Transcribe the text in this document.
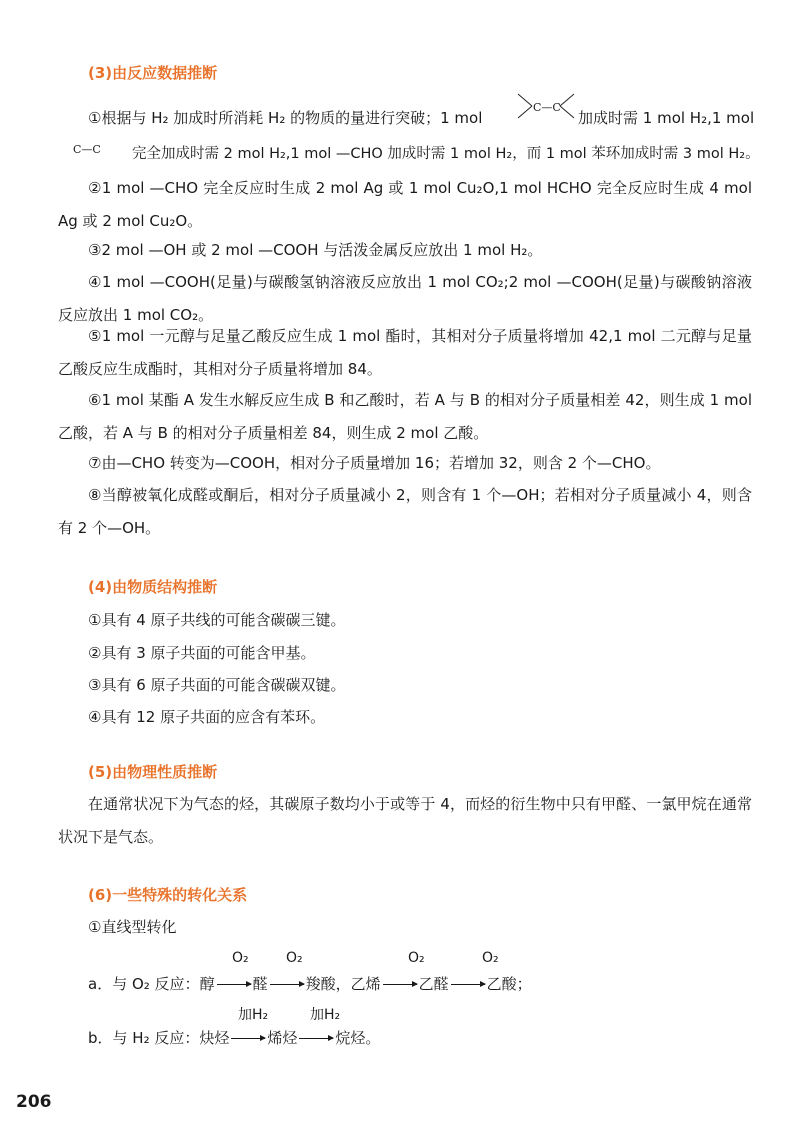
(3)由反应数据推断
①根据与 H₂ 加成时所消耗 H₂ 的物质的量进行突破；1 mol
C—C
加成时需 1 mol H₂,1 mol
C—C 完全加成时需 2 mol H₂,1 mol —CHO 加成时需 1 mol H₂，而 1 mol 苯环加成时需 3 mol H₂。
②1 mol —CHO 完全反应时生成 2 mol Ag 或 1 mol Cu₂O,1 mol HCHO 完全反应时生成 4 mol Ag 或 2 mol Cu₂O。
③2 mol —OH 或 2 mol —COOH 与活泼金属反应放出 1 mol H₂。
④1 mol —COOH(足量)与碳酸氢钠溶液反应放出 1 mol CO₂;2 mol —COOH(足量)与碳酸钠溶液反应放出 1 mol CO₂。
⑤1 mol 一元醇与足量乙酸反应生成 1 mol 酯时，其相对分子质量将增加 42,1 mol 二元醇与足量乙酸反应生成酯时，其相对分子质量将增加 84。
⑥1 mol 某酯 A 发生水解反应生成 B 和乙酸时，若 A 与 B 的相对分子质量相差 42，则生成 1 mol 乙酸，若 A 与 B 的相对分子质量相差 84，则生成 2 mol 乙酸。
⑦由—CHO 转变为—COOH，相对分子质量增加 16；若增加 32，则含 2 个—CHO。
⑧当醇被氧化成醛或酮后，相对分子质量减小 2，则含有 1 个—OH；若相对分子质量减小 4，则含有 2 个—OH。
(4)由物质结构推断
①具有 4 原子共线的可能含碳碳三键。
②具有 3 原子共面的可能含甲基。
③具有 6 原子共面的可能含碳碳双键。
④具有 12 原子共面的应含有苯环。
(5)由物理性质推断
在通常状况下为气态的烃，其碳原子数均小于或等于 4，而烃的衍生物中只有甲醛、一氯甲烷在通常状况下是气态。
(6)一些特殊的转化关系
①直线型转化
O₂	O₂	O₂	O₂
a．与 O₂ 反应：醇	醛	羧酸，乙烯	乙醛	乙酸；
加H₂	加H₂
b．与 H₂ 反应：炔烃	烯烃	烷烃。
206
